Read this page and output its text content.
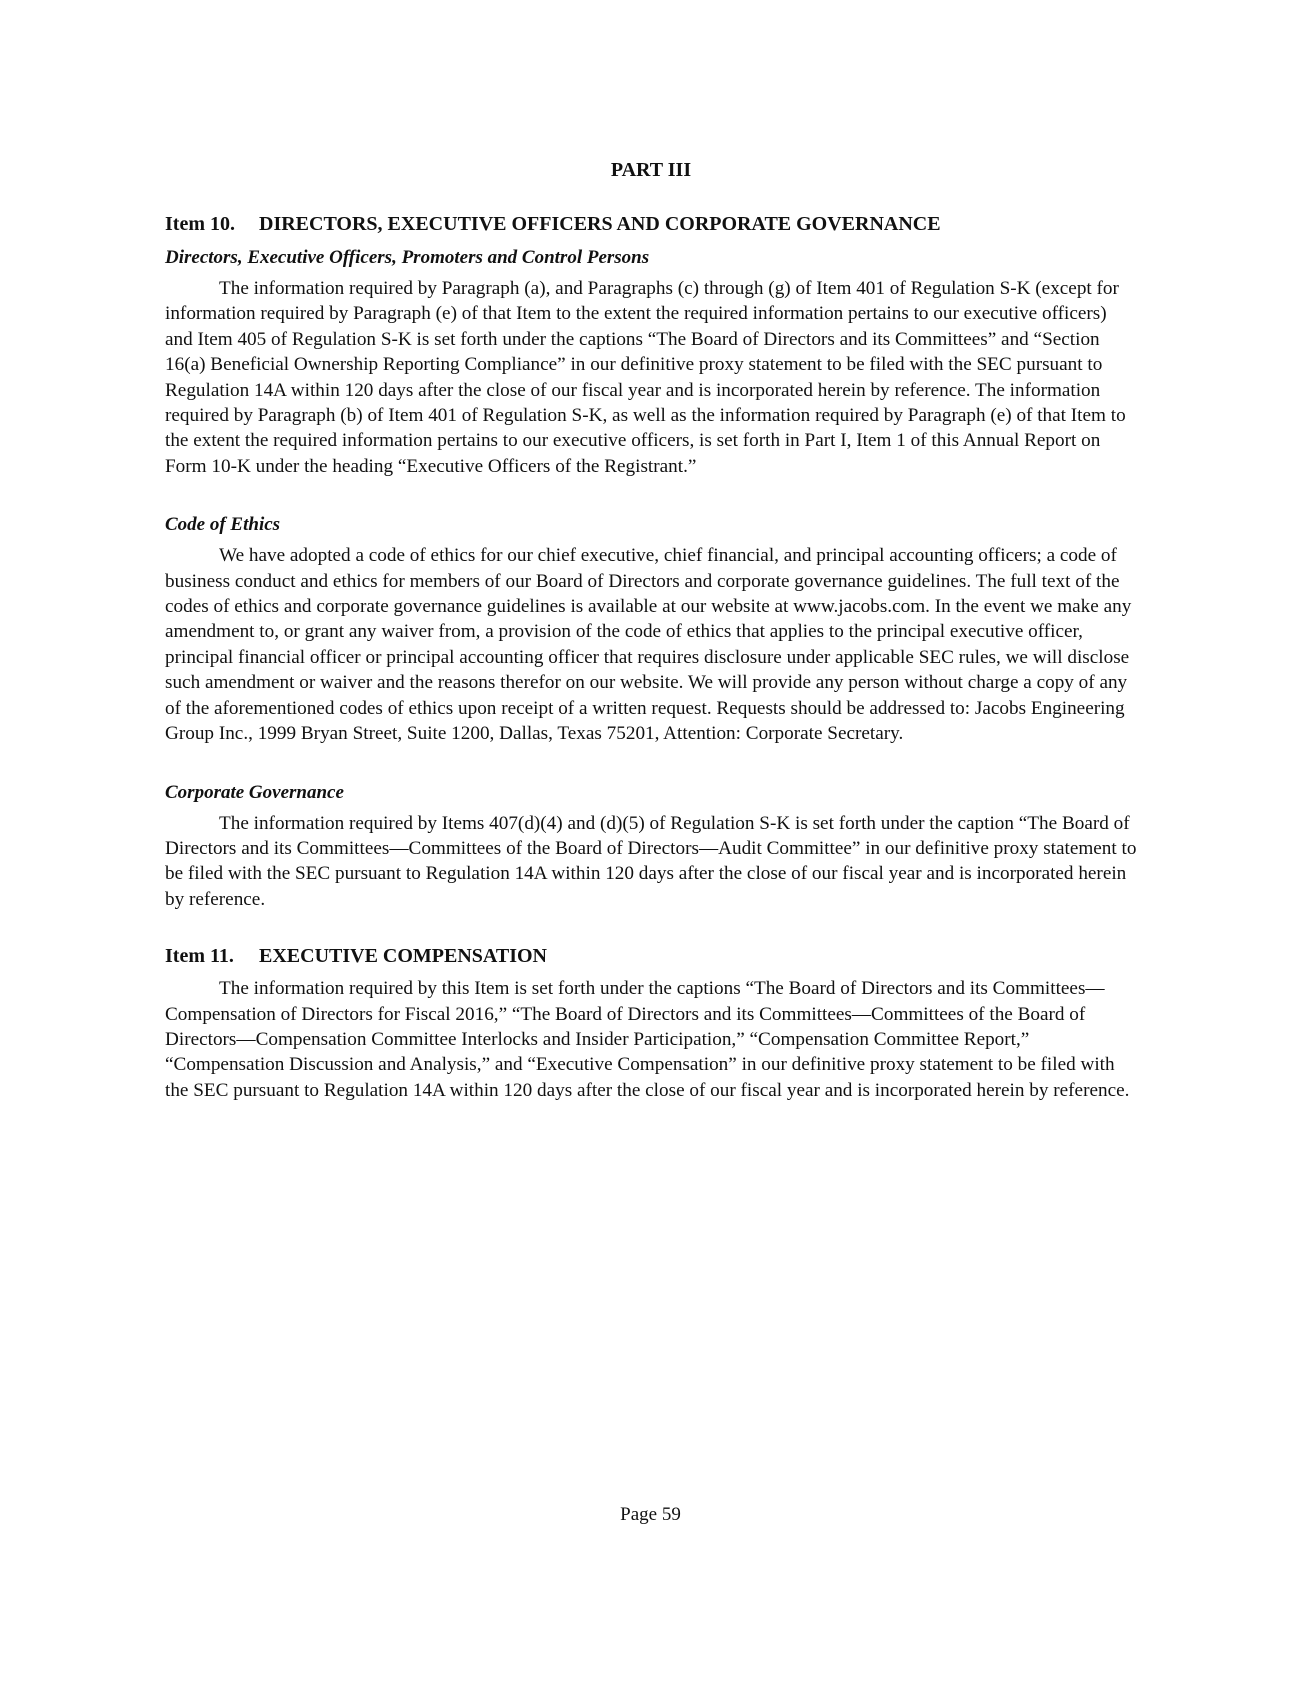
PART III
Item 10. DIRECTORS, EXECUTIVE OFFICERS AND CORPORATE GOVERNANCE
Directors, Executive Officers, Promoters and Control Persons

The information required by Paragraph (a), and Paragraphs (c) through (g) of Item 401 of Regulation S-K (except for information required by Paragraph (e) of that Item to the extent the required information pertains to our executive officers) and Item 405 of Regulation S-K is set forth under the captions “The Board of Directors and its Committees” and “Section 16(a) Beneficial Ownership Reporting Compliance” in our definitive proxy statement to be filed with the SEC pursuant to Regulation 14A within 120 days after the close of our fiscal year and is incorporated herein by reference. The information required by Paragraph (b) of Item 401 of Regulation S-K, as well as the information required by Paragraph (e) of that Item to the extent the required information pertains to our executive officers, is set forth in Part I, Item 1 of this Annual Report on Form 10-K under the heading “Executive Officers of the Registrant.”

Code of Ethics

We have adopted a code of ethics for our chief executive, chief financial, and principal accounting officers; a code of business conduct and ethics for members of our Board of Directors and corporate governance guidelines. The full text of the codes of ethics and corporate governance guidelines is available at our website at www.jacobs.com. In the event we make any amendment to, or grant any waiver from, a provision of the code of ethics that applies to the principal executive officer, principal financial officer or principal accounting officer that requires disclosure under applicable SEC rules, we will disclose such amendment or waiver and the reasons therefor on our website. We will provide any person without charge a copy of any of the aforementioned codes of ethics upon receipt of a written request. Requests should be addressed to: Jacobs Engineering Group Inc., 1999 Bryan Street, Suite 1200, Dallas, Texas 75201, Attention: Corporate Secretary.

Corporate Governance

The information required by Items 407(d)(4) and (d)(5) of Regulation S-K is set forth under the caption “The Board of Directors and its Committees—Committees of the Board of Directors—Audit Committee” in our definitive proxy statement to be filed with the SEC pursuant to Regulation 14A within 120 days after the close of our fiscal year and is incorporated herein by reference.

Item 11. EXECUTIVE COMPENSATION

The information required by this Item is set forth under the captions “The Board of Directors and its Committees—Compensation of Directors for Fiscal 2016,” “The Board of Directors and its Committees—Committees of the Board of Directors—Compensation Committee Interlocks and Insider Participation,” “Compensation Committee Report,” “Compensation Discussion and Analysis,” and “Executive Compensation” in our definitive proxy statement to be filed with the SEC pursuant to Regulation 14A within 120 days after the close of our fiscal year and is incorporated herein by reference.

Page 59
